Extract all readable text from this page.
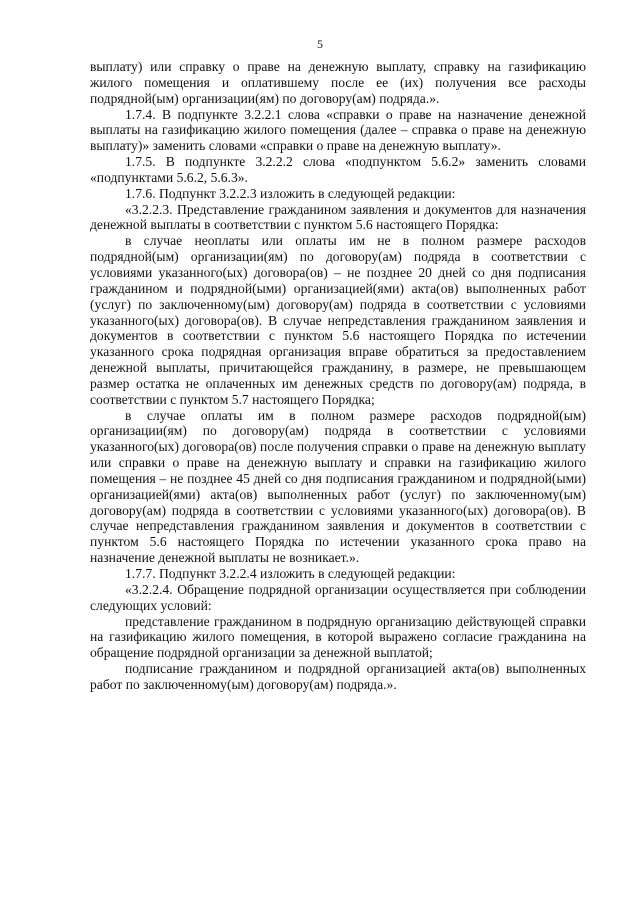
5

выплату) или справку о праве на денежную выплату, справку на газификацию жилого помещения и оплатившему после ее (их) получения все расходы подрядной(ым) организации(ям) по договору(ам) подряда.».

1.7.4. В подпункте 3.2.2.1 слова «справки о праве на назначение денежной выплаты на газификацию жилого помещения (далее – справка о праве на денежную выплату)» заменить словами «справки о праве на денежную выплату».

1.7.5. В подпункте 3.2.2.2 слова «подпунктом 5.6.2» заменить словами «подпунктами 5.6.2, 5.6.3».

1.7.6. Подпункт 3.2.2.3 изложить в следующей редакции:

«3.2.2.3. Представление гражданином заявления и документов для назначения денежной выплаты в соответствии с пунктом 5.6 настоящего Порядка:

в случае неоплаты или оплаты им не в полном размере расходов подрядной(ым) организации(ям) по договору(ам) подряда в соответствии с условиями указанного(ых) договора(ов) – не позднее 20 дней со дня подписания гражданином и подрядной(ыми) организацией(ями) акта(ов) выполненных работ (услуг) по заключенному(ым) договору(ам) подряда в соответствии с условиями указанного(ых) договора(ов). В случае непредставления гражданином заявления и документов в соответствии с пунктом 5.6 настоящего Порядка по истечении указанного срока подрядная организация вправе обратиться за предоставлением денежной выплаты, причитающейся гражданину, в размере, не превышающем размер остатка не оплаченных им денежных средств по договору(ам) подряда, в соответствии с пунктом 5.7 настоящего Порядка;

в случае оплаты им в полном размере расходов подрядной(ым) организации(ям) по договору(ам) подряда в соответствии с условиями указанного(ых) договора(ов) после получения справки о праве на денежную выплату или справки о праве на денежную выплату и справки на газификацию жилого помещения – не позднее 45 дней со дня подписания гражданином и подрядной(ыми) организацией(ями) акта(ов) выполненных работ (услуг) по заключенному(ым) договору(ам) подряда в соответствии с условиями указанного(ых) договора(ов). В случае непредставления гражданином заявления и документов в соответствии с пунктом 5.6 настоящего Порядка по истечении указанного срока право на назначение денежной выплаты не возникает.».

1.7.7. Подпункт 3.2.2.4 изложить в следующей редакции:

«3.2.2.4. Обращение подрядной организации осуществляется при соблюдении следующих условий:

представление гражданином в подрядную организацию действующей справки на газификацию жилого помещения, в которой выражено согласие гражданина на обращение подрядной организации за денежной выплатой;

подписание гражданином и подрядной организацией акта(ов) выполненных работ по заключенному(ым) договору(ам) подряда.».
